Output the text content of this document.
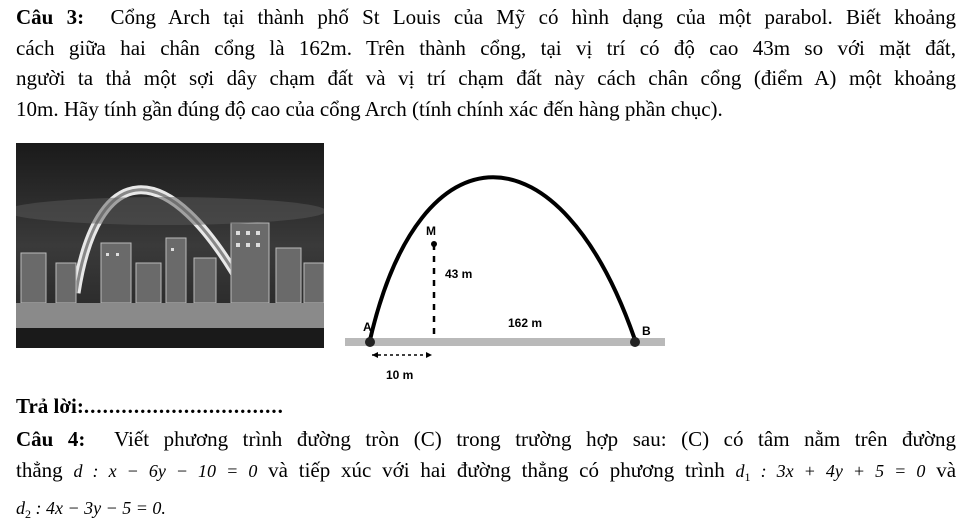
Câu 3: Cổng Arch tại thành phố St Louis của Mỹ có hình dạng của một parabol. Biết khoảng
cách giữa hai chân cổng là 162m. Trên thành cổng, tại vị trí có độ cao 43m so với mặt đất,
người ta thả một sợi dây chạm đất và vị trí chạm đất này cách chân cổng (điểm A) một khoảng
10m. Hãy tính gần đúng độ cao của cổng Arch (tính chính xác đến hàng phần chục).
M
43 m
A	162 m
B
10 m
Trả lời:................................
Câu 4: Viết phương trình đường tròn (C) trong trường hợp sau: (C) có tâm nằm trên đường
thẳng d : x − 6y − 10 = 0 và tiếp xúc với hai đường thẳng có phương trình $d_1$ : 3x + 4y + 5 = 0 và
$d_2$ : 4x − 3y − 5 = 0.
